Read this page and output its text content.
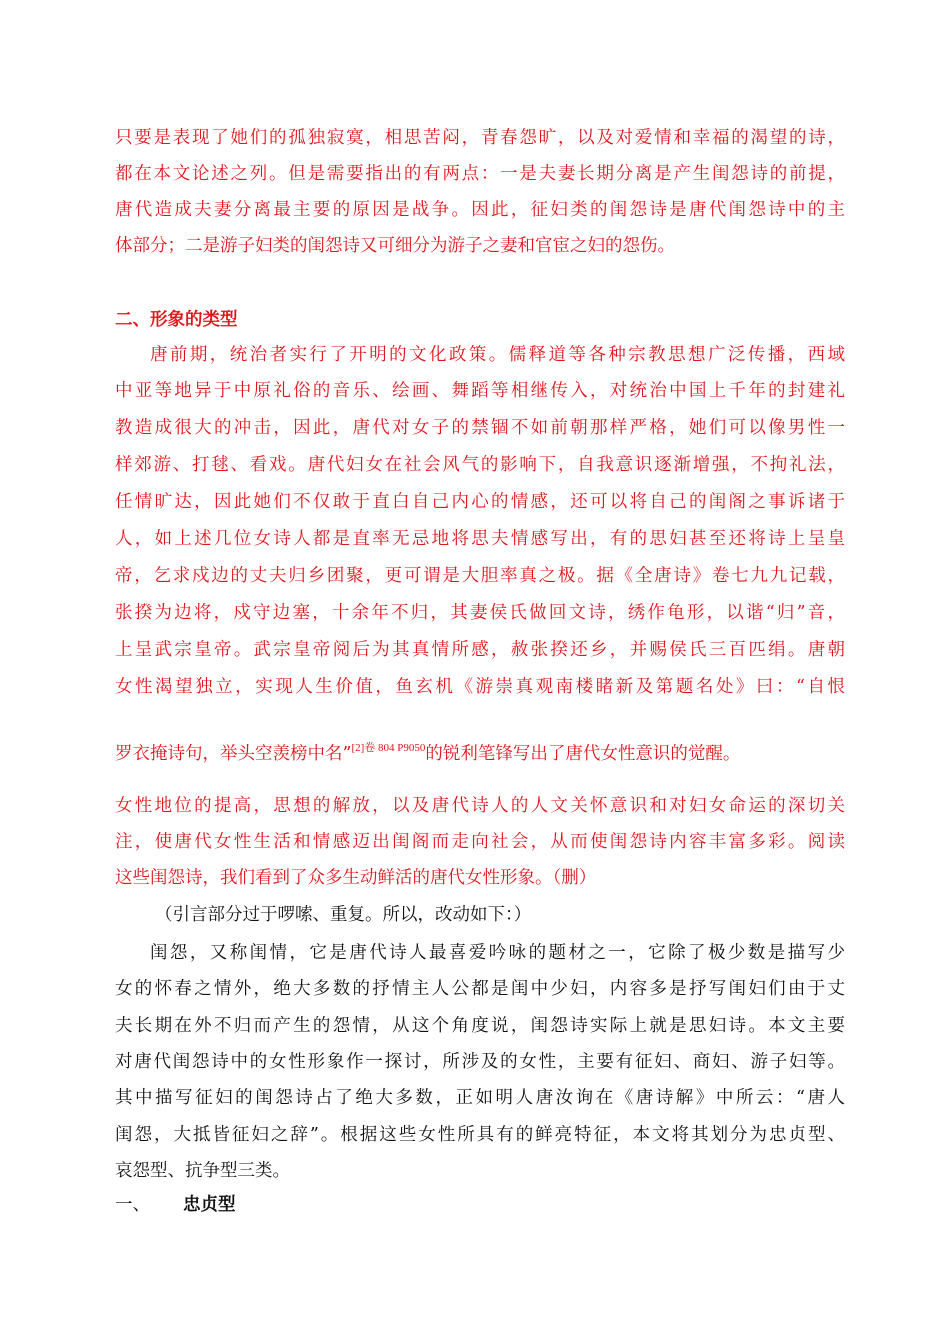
只要是表现了她们的孤独寂寞，相思苦闷，青春怨旷，以及对爱情和幸福的渴望的诗，
都在本文论述之列。但是需要指出的有两点：一是夫妻长期分离是产生闺怨诗的前提，
唐代造成夫妻分离最主要的原因是战争。因此，征妇类的闺怨诗是唐代闺怨诗中的主
体部分；二是游子妇类的闺怨诗又可细分为游子之妻和官宦之妇的怨伤。
二、形象的类型
唐前期，统治者实行了开明的文化政策。儒释道等各种宗教思想广泛传播，西域
中亚等地异于中原礼俗的音乐、绘画、舞蹈等相继传入，对统治中国上千年的封建礼
教造成很大的冲击，因此，唐代对女子的禁锢不如前朝那样严格，她们可以像男性一
样郊游、打毬、看戏。唐代妇女在社会风气的影响下，自我意识逐渐增强，不拘礼法，
任情旷达，因此她们不仅敢于直白自己内心的情感，还可以将自己的闺阁之事诉诸于
人，如上述几位女诗人都是直率无忌地将思夫情感写出，有的思妇甚至还将诗上呈皇
帝，乞求戍边的丈夫归乡团聚，更可谓是大胆率真之极。据《全唐诗》卷七九九记载，
张揆为边将，戍守边塞，十余年不归，其妻侯氏做回文诗，绣作龟形，以谐“归”音，
上呈武宗皇帝。武宗皇帝阅后为其真情所感，赦张揆还乡，并赐侯氏三百匹绢。唐朝
女性渴望独立，实现人生价值，鱼玄机《游崇真观南楼睹新及第题名处》曰：“自恨
罗衣掩诗句，举头空羡榜中名”$^{[2]卷 804 P9050}$的锐利笔锋写出了唐代女性意识的觉醒。
女性地位的提高，思想的解放，以及唐代诗人的人文关怀意识和对妇女命运的深切关
注，使唐代女性生活和情感迈出闺阁而走向社会，从而使闺怨诗内容丰富多彩。阅读
这些闺怨诗，我们看到了众多生动鲜活的唐代女性形象。（删）
（引言部分过于啰嗦、重复。所以，改动如下：）
闺怨，又称闺情，它是唐代诗人最喜爱吟咏的题材之一，它除了极少数是描写少
女的怀春之情外，绝大多数的抒情主人公都是闺中少妇，内容多是抒写闺妇们由于丈
夫长期在外不归而产生的怨情，从这个角度说，闺怨诗实际上就是思妇诗。本文主要
对唐代闺怨诗中的女性形象作一探讨，所涉及的女性，主要有征妇、商妇、游子妇等。
其中描写征妇的闺怨诗占了绝大多数，正如明人唐汝询在《唐诗解》中所云：“唐人
闺怨，大抵皆征妇之辞”。根据这些女性所具有的鲜亮特征，本文将其划分为忠贞型、
哀怨型、抗争型三类。
一、 忠贞型
